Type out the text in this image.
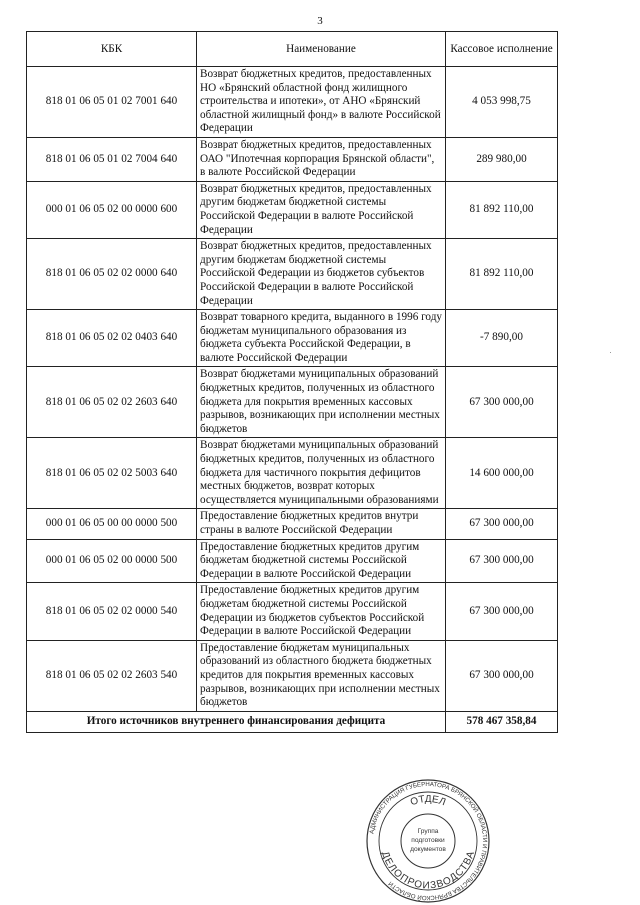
3
КБК	Наименование	Кассовое исполнение
818 01 06 05 01 02 7001 640	Возврат бюджетных кредитов, предоставленных НО «Брянский областной фонд жилищного строительства и ипотеки», от АНО «Брянский областной жилищный фонд» в валюте Российской Федерации	4 053 998,75
818 01 06 05 01 02 7004 640	Возврат бюджетных кредитов, предоставленных ОАО "Ипотечная корпорация Брянской области", в валюте Российской Федерации	289 980,00
000 01 06 05 02 00 0000 600	Возврат бюджетных кредитов, предоставленных другим бюджетам бюджетной системы Российской Федерации в валюте Российской Федерации	81 892 110,00
818 01 06 05 02 02 0000 640	Возврат бюджетных кредитов, предоставленных другим бюджетам бюджетной системы Российской Федерации из бюджетов субъектов Российской Федерации в валюте Российской Федерации	81 892 110,00
818 01 06 05 02 02 0403 640	Возврат товарного кредита, выданного в 1996 году бюджетам муниципального образования из бюджета субъекта Российской Федерации, в валюте Российской Федерации	-7 890,00
818 01 06 05 02 02 2603 640	Возврат бюджетами муниципальных образований бюджетных кредитов, полученных из областного бюджета для покрытия временных кассовых разрывов, возникающих при исполнении местных бюджетов	67 300 000,00
818 01 06 05 02 02 5003 640	Возврат бюджетами муниципальных образований бюджетных кредитов, полученных из областного бюджета для частичного покрытия дефицитов местных бюджетов, возврат которых осуществляется муниципальными образованиями	14 600 000,00
000 01 06 05 00 00 0000 500	Предоставление бюджетных кредитов внутри страны в валюте Российской Федерации	67 300 000,00
000 01 06 05 02 00 0000 500	Предоставление бюджетных кредитов другим бюджетам бюджетной системы Российской Федерации в валюте Российской Федерации	67 300 000,00
818 01 06 05 02 02 0000 540	Предоставление бюджетных кредитов другим бюджетам бюджетной системы Российской Федерации из бюджетов субъектов Российской Федерации в валюте Российской Федерации	67 300 000,00
818 01 06 05 02 02 2603 540	Предоставление бюджетам муниципальных образований из областного бюджета бюджетных кредитов для покрытия временных кассовых разрывов, возникающих при исполнении местных бюджетов	67 300 000,00
Итого источников внутреннего финансирования дефицита		578 467 358,84
АДМИНИСТРАЦИЯ ГУБЕРНАТОРА БРЯНСКОЙ ОБЛАСТИ И ПРАВИТЕЛЬСТВА БРЯНСКОЙ ОБЛАСТИ
ОТДЕЛ
ДЕЛОПРОИЗВОДСТВА
Группа
подготовки
документов
